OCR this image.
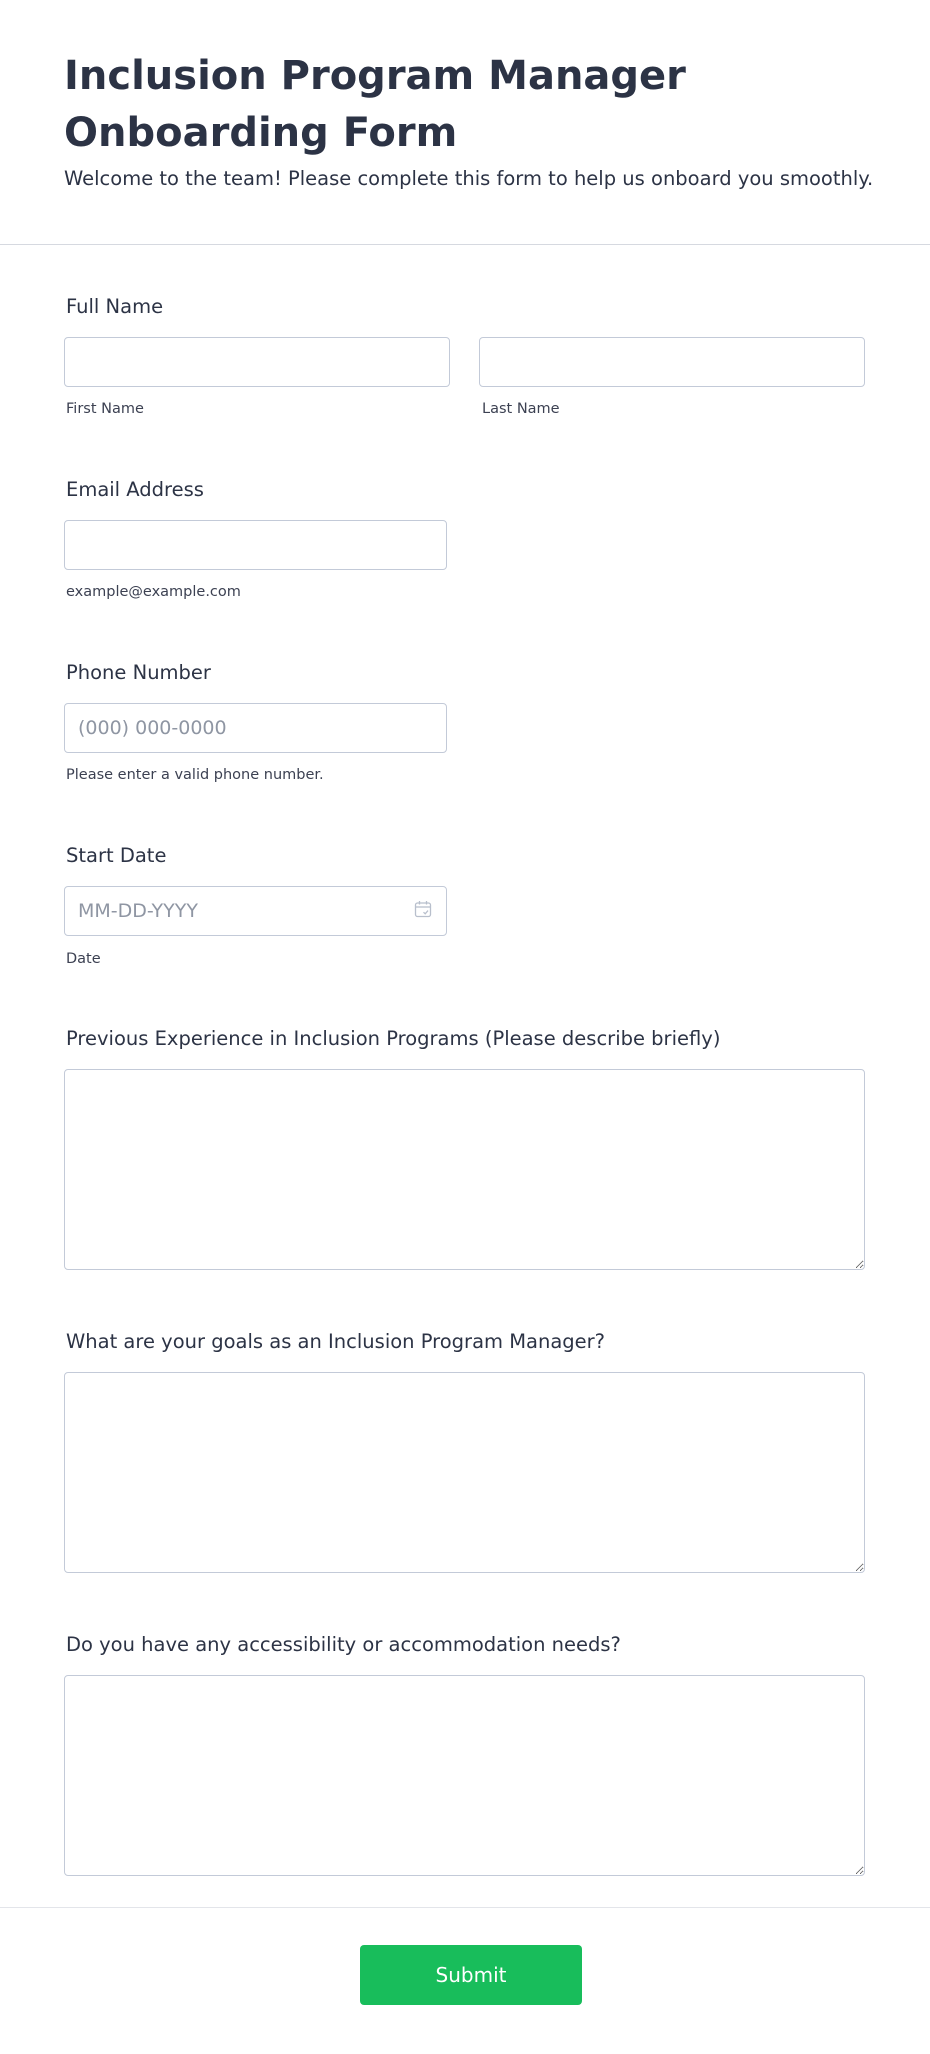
Inclusion Program Manager Onboarding Form

Welcome to the team! Please complete this form to help us onboard you smoothly.

Full Name
First Name	Last Name
Email Address
example@example.com
Phone Number
(000) 000-0000
Please enter a valid phone number.
Start Date
MM-DD-YYYY
Date
Previous Experience in Inclusion Programs (Please describe briefly)
What are your goals as an Inclusion Program Manager?
Do you have any accessibility or accommodation needs?
Submit
